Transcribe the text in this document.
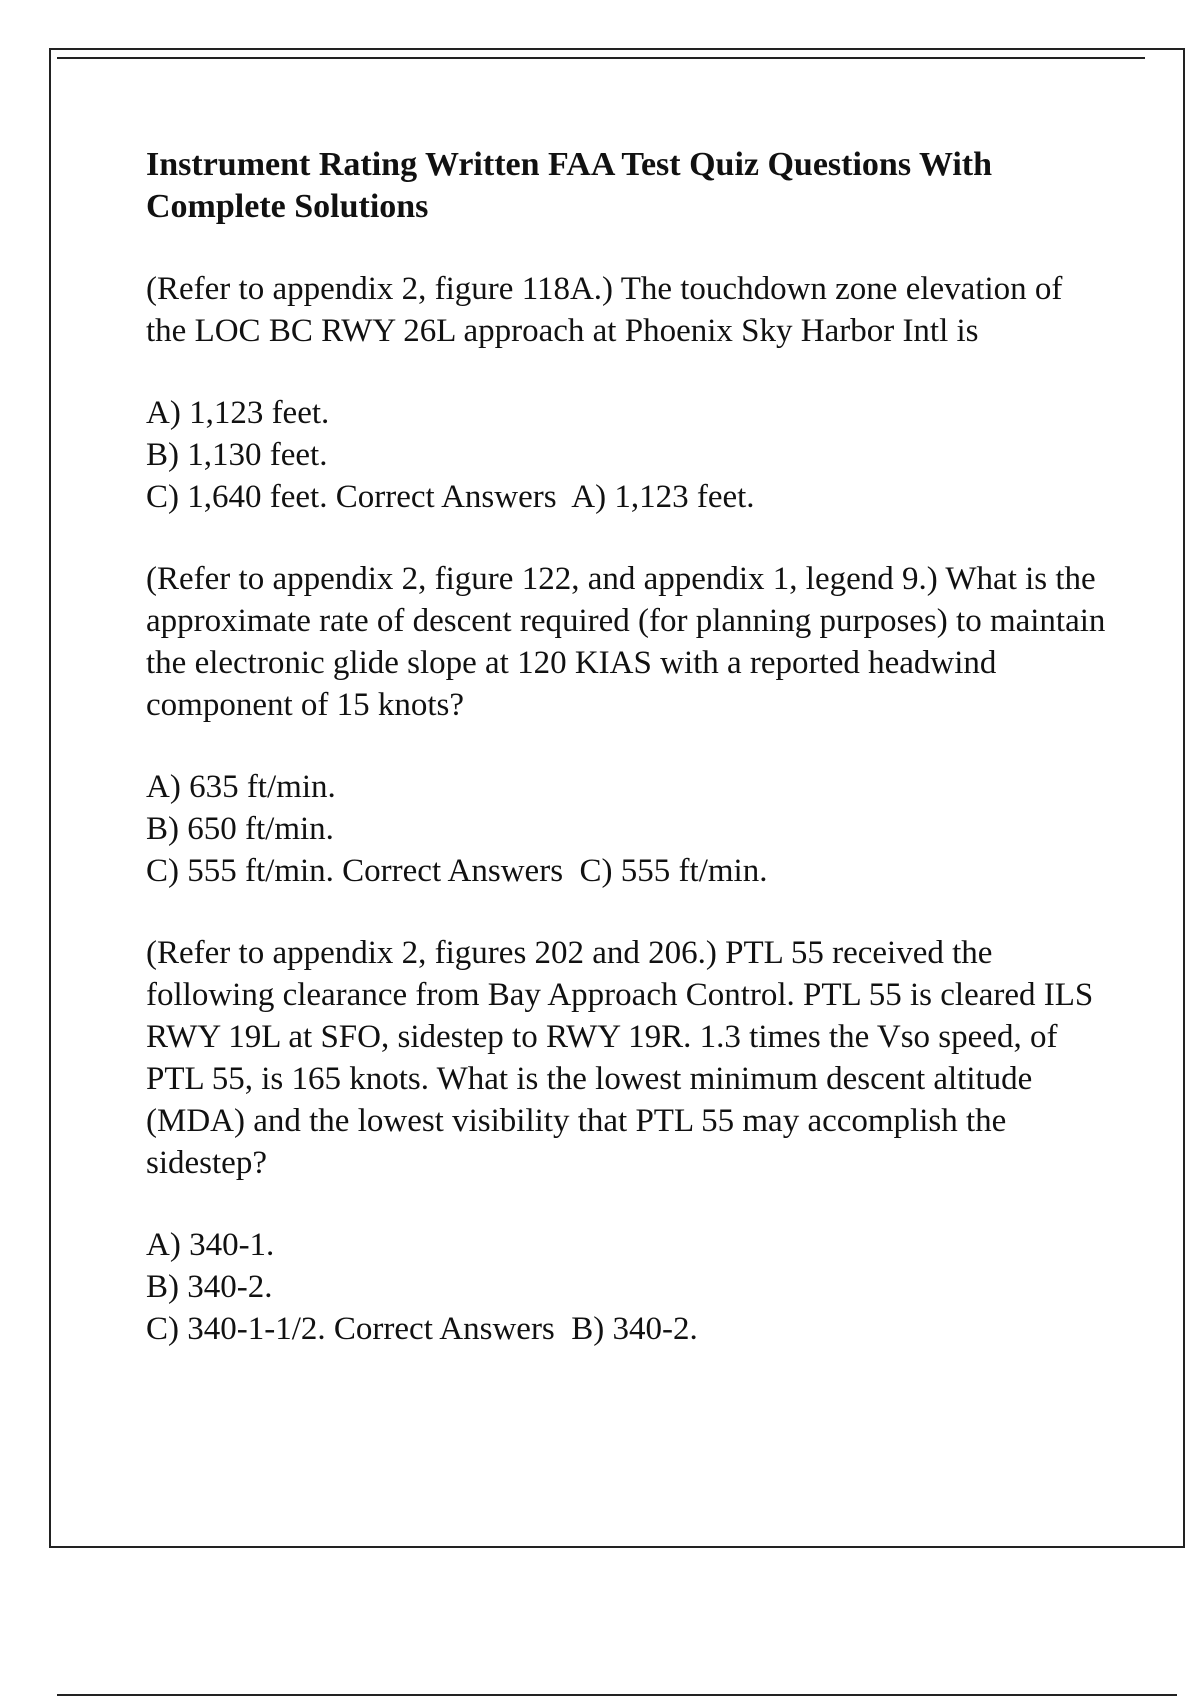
Instrument Rating Written FAA Test Quiz Questions With Complete Solutions
(Refer to appendix 2, figure 118A.) The touchdown zone elevation of the LOC BC RWY 26L approach at Phoenix Sky Harbor Intl is
A) 1,123 feet.
B) 1,130 feet.
C) 1,640 feet. Correct Answers A) 1,123 feet.
(Refer to appendix 2, figure 122, and appendix 1, legend 9.) What is the approximate rate of descent required (for planning purposes) to maintain the electronic glide slope at 120 KIAS with a reported headwind component of 15 knots?
A) 635 ft/min.
B) 650 ft/min.
C) 555 ft/min. Correct Answers C) 555 ft/min.
(Refer to appendix 2, figures 202 and 206.) PTL 55 received the following clearance from Bay Approach Control. PTL 55 is cleared ILS RWY 19L at SFO, sidestep to RWY 19R. 1.3 times the Vso speed, of PTL 55, is 165 knots. What is the lowest minimum descent altitude (MDA) and the lowest visibility that PTL 55 may accomplish the sidestep?
A) 340-1.
B) 340-2.
C) 340-1-1/2. Correct Answers B) 340-2.
